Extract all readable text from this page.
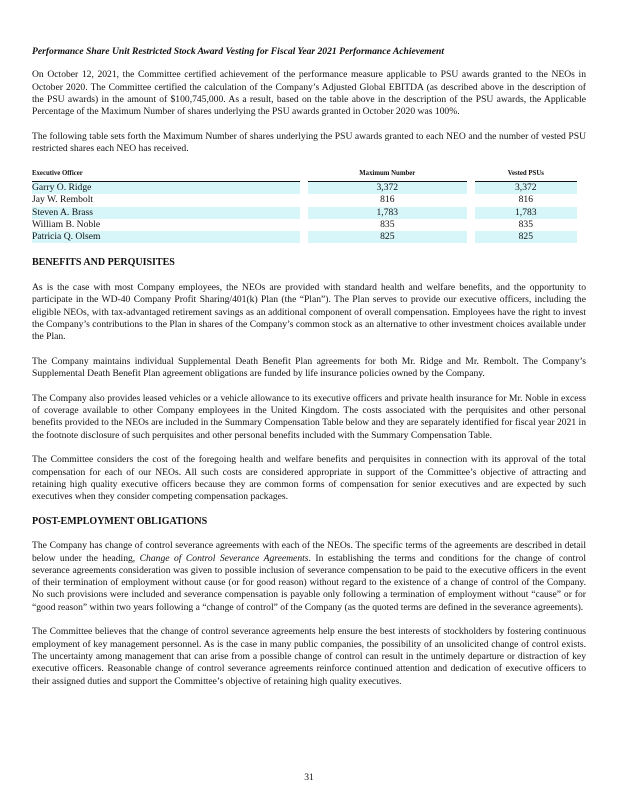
Performance Share Unit Restricted Stock Award Vesting for Fiscal Year 2021 Performance Achievement

On October 12, 2021, the Committee certified achievement of the performance measure applicable to PSU awards granted to the NEOs in October 2020. The Committee certified the calculation of the Company’s Adjusted Global EBITDA (as described above in the description of the PSU awards) in the amount of $100,745,000. As a result, based on the table above in the description of the PSU awards, the Applicable Percentage of the Maximum Number of shares underlying the PSU awards granted in October 2020 was 100%.

The following table sets forth the Maximum Number of shares underlying the PSU awards granted to each NEO and the number of vested PSU restricted shares each NEO has received.

Executive Officer		Maximum Number		Vested PSUs
Garry O. Ridge		3,372		3,372
Jay W. Rembolt		816		816
Steven A. Brass		1,783		1,783
William B. Noble		835		835
Patricia Q. Olsem		825		825
BENEFITS AND PERQUISITES

As is the case with most Company employees, the NEOs are provided with standard health and welfare benefits, and the opportunity to participate in the WD-40 Company Profit Sharing/401(k) Plan (the “Plan”). The Plan serves to provide our executive officers, including the eligible NEOs, with tax-advantaged retirement savings as an additional component of overall compensation. Employees have the right to invest the Company’s contributions to the Plan in shares of the Company’s common stock as an alternative to other investment choices available under the Plan.

The Company maintains individual Supplemental Death Benefit Plan agreements for both Mr. Ridge and Mr. Rembolt. The Company’s Supplemental Death Benefit Plan agreement obligations are funded by life insurance policies owned by the Company.

The Company also provides leased vehicles or a vehicle allowance to its executive officers and private health insurance for Mr. Noble in excess of coverage available to other Company employees in the United Kingdom. The costs associated with the perquisites and other personal benefits provided to the NEOs are included in the Summary Compensation Table below and they are separately identified for fiscal year 2021 in the footnote disclosure of such perquisites and other personal benefits included with the Summary Compensation Table.

The Committee considers the cost of the foregoing health and welfare benefits and perquisites in connection with its approval of the total compensation for each of our NEOs. All such costs are considered appropriate in support of the Committee’s objective of attracting and retaining high quality executive officers because they are common forms of compensation for senior executives and are expected by such executives when they consider competing compensation packages.

POST-EMPLOYMENT OBLIGATIONS

The Company has change of control severance agreements with each of the NEOs. The specific terms of the agreements are described in detail below under the heading, Change of Control Severance Agreements. In establishing the terms and conditions for the change of control severance agreements consideration was given to possible inclusion of severance compensation to be paid to the executive officers in the event of their termination of employment without cause (or for good reason) without regard to the existence of a change of control of the Company. No such provisions were included and severance compensation is payable only following a termination of employment without “cause” or for “good reason” within two years following a “change of control” of the Company (as the quoted terms are defined in the severance agreements).

The Committee believes that the change of control severance agreements help ensure the best interests of stockholders by fostering continuous employment of key management personnel. As is the case in many public companies, the possibility of an unsolicited change of control exists. The uncertainty among management that can arise from a possible change of control can result in the untimely departure or distraction of key executive officers. Reasonable change of control severance agreements reinforce continued attention and dedication of executive officers to their assigned duties and support the Committee’s objective of retaining high quality executives.

31
